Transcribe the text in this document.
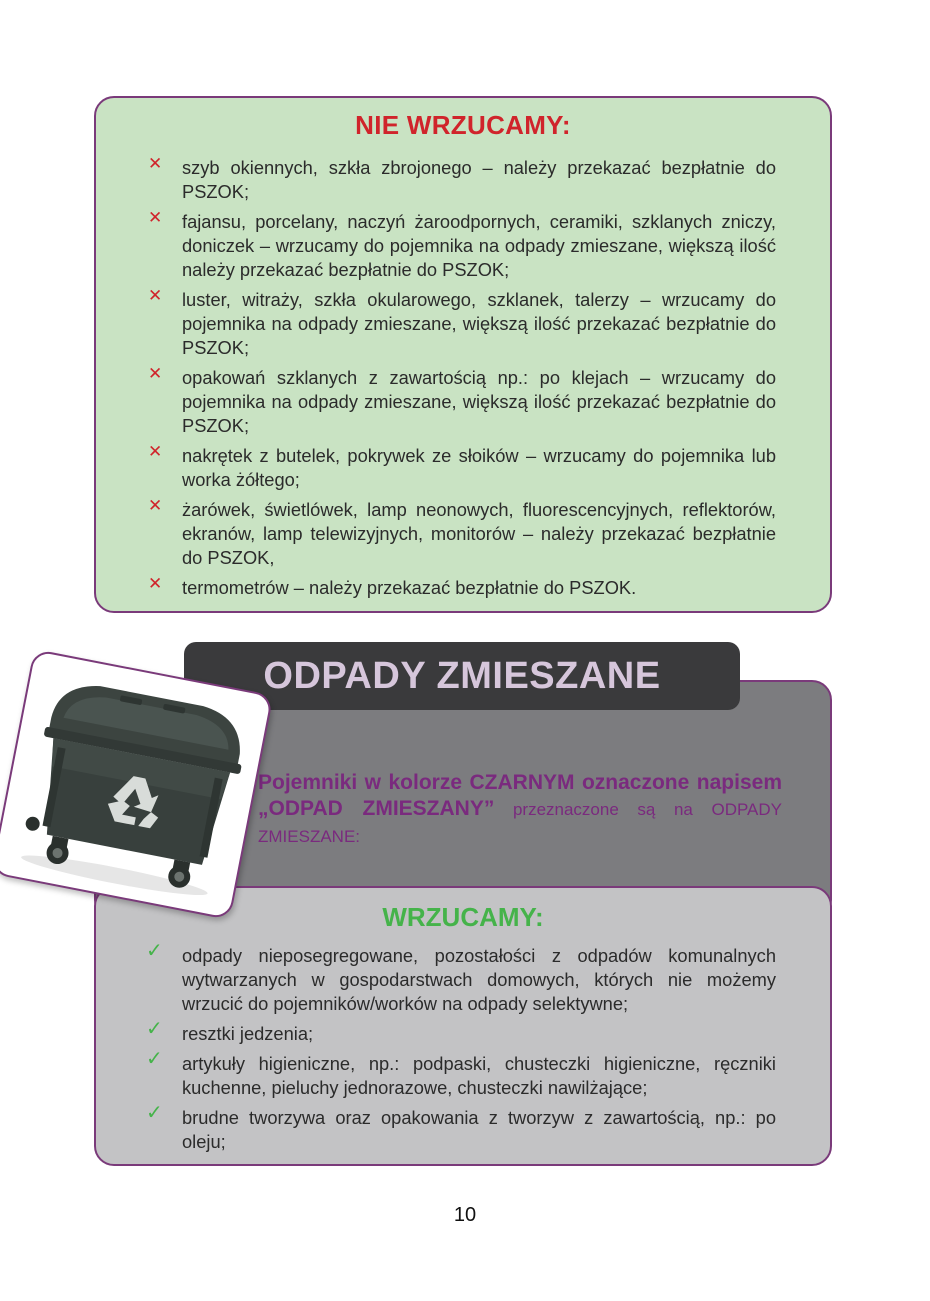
NIE WRZUCAMY:
✕ szyb okiennych, szkła zbrojonego – należy przekazać bezpłatnie do PSZOK;
✕ fajansu, porcelany, naczyń żaroodpornych, ceramiki, szklanych zniczy, doniczek – wrzucamy do pojemnika na odpady zmieszane, większą ilość należy przekazać bezpłatnie do PSZOK;
✕ luster, witraży, szkła okularowego, szklanek, talerzy – wrzucamy do pojemnika na odpady zmieszane, większą ilość przekazać bezpłatnie do PSZOK;
✕ opakowań szklanych z zawartością np.: po klejach – wrzucamy do pojemnika na odpady zmieszane, większą ilość przekazać bezpłatnie do PSZOK;
✕ nakrętek z butelek, pokrywek ze słoików – wrzucamy do pojemnika lub worka żółtego;
✕ żarówek, świetlówek, lamp neonowych, fluorescencyjnych, reflektorów, ekranów, lamp telewizyjnych, monitorów – należy przekazać bezpłatnie do PSZOK,
✕ termometrów – należy przekazać bezpłatnie do PSZOK.
ODPADY ZMIESZANE
Pojemniki w kolorze CZARNYM oznaczone napisem „ODPAD ZMIESZANY” przeznaczone są na ODPADY ZMIESZANE:
WRZUCAMY:
✓ odpady nieposegregowane, pozostałości z odpadów komunalnych wytwarzanych w gospodarstwach domowych, których nie możemy wrzucić do pojemników/worków na odpady selektywne;
✓ resztki jedzenia;
✓ artykuły higieniczne, np.: podpaski, chusteczki higieniczne, ręczniki kuchenne, pieluchy jednorazowe, chusteczki nawilżające;
✓ brudne tworzywa oraz opakowania z tworzyw z zawartością, np.: po oleju;
10
